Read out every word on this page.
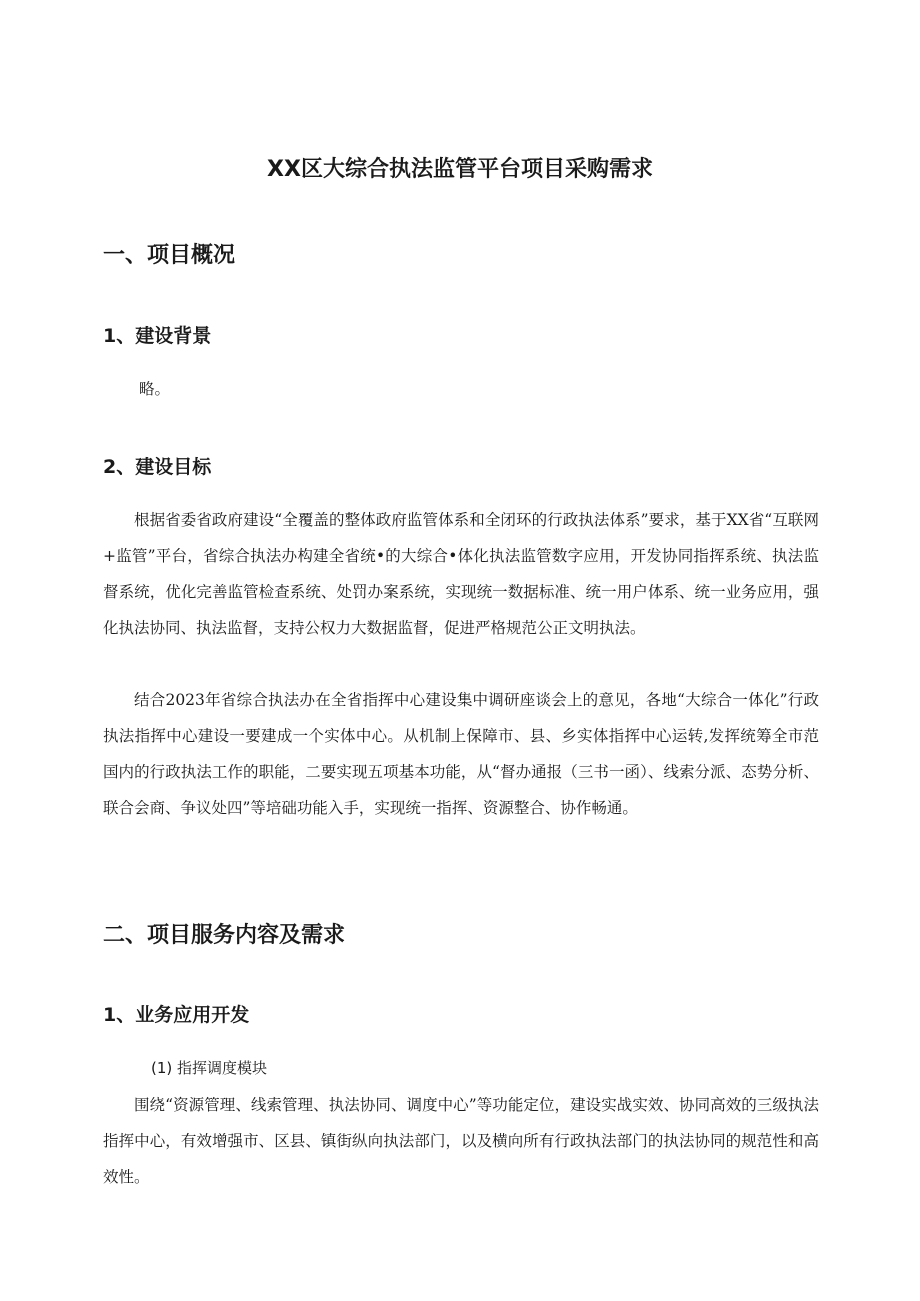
XX区大综合执法监管平台项目采购需求
一、项目概况
1、建设背景

略。

2、建设目标

根据省委省政府建设“全覆盖的整体政府监管体系和全闭环的行政执法体系”要求，基于XX省“互联网+监管”平台，省综合执法办构建全省统•的大综合•体化执法监管数字应用，开发协同指挥系统、执法监督系统，优化完善监管检查系统、处罚办案系统，实现统一数据标准、统一用户体系、统一业务应用，强化执法协同、执法监督，支持公权力大数据监督，促进严格规范公正文明执法。

结合2023年省综合执法办在全省指挥中心建设集中调研座谈会上的意见，各地“大综合一体化”行政执法指挥中心建设一要建成一个实体中心。从机制上保障市、县、乡实体指挥中心运转,发挥统筹全市范国内的行政执法工作的职能，二要实现五项基本功能，从“督办通报（三书一函）、线索分派、态势分析、联合会商、争议处四”等培础功能入手，实现统一指挥、资源整合、协作畅通。

二、项目服务内容及需求
1、业务应用开发

(1) 指挥调度模块

围绕“资源管理、线索管理、执法协同、调度中心”等功能定位，建设实战实效、协同高效的三级执法指挥中心，有效增强市、区县、镇街纵向执法部门，以及横向所有行政执法部门的执法协同的规范性和高效性。
